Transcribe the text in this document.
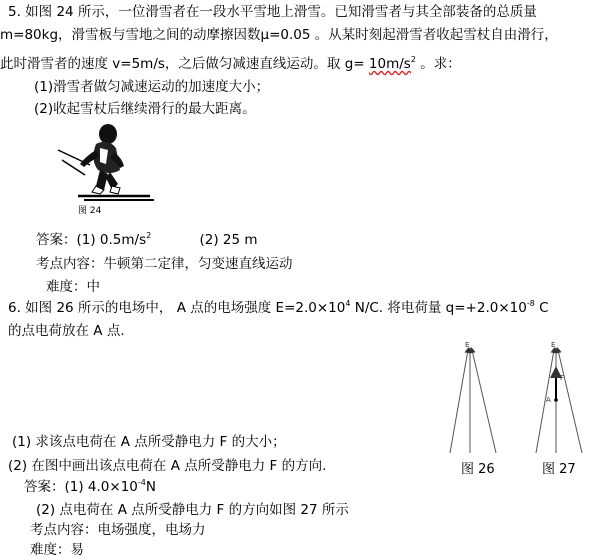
5. 如图 24 所示，一位滑雪者在一段水平雪地上滑雪。已知滑雪者与其全部装备的总质量
m=80kg，滑雪板与雪地之间的动摩擦因数μ=0.05 。从某时刻起滑雪者收起雪杖自由滑行，
此时滑雪者的速度 v=5m/s，之后做匀减速直线运动。取 $g= 10m/s^2$ 。求：
(1)滑雪者做匀减速运动的加速度大小；
(2)收起雪杖后继续滑行的最大距离。
图 24
答案：(1) $0.5m/s^2$	(2) 25 m
考点内容：牛顿第二定律，匀变速直线运动
难度：中
6. 如图 26 所示的电场中， A 点的电场强度 $E=2.0\times 10^4$ N/C. 将电荷量 $q=+2.0\times 10^{-8}$ C
的点电荷放在 A 点.
E	E
A
F
(1) 求该点电荷在 A 点所受静电力 F 的大小；
(2) 在图中画出该点电荷在 A 点所受静电力 F 的方向.	图 26	图 27
答案：(1) $4.0\times 10^{-4}N$
(2) 点电荷在 A 点所受静电力 F 的方向如图 27 所示
考点内容：电场强度，电场力
难度：易
